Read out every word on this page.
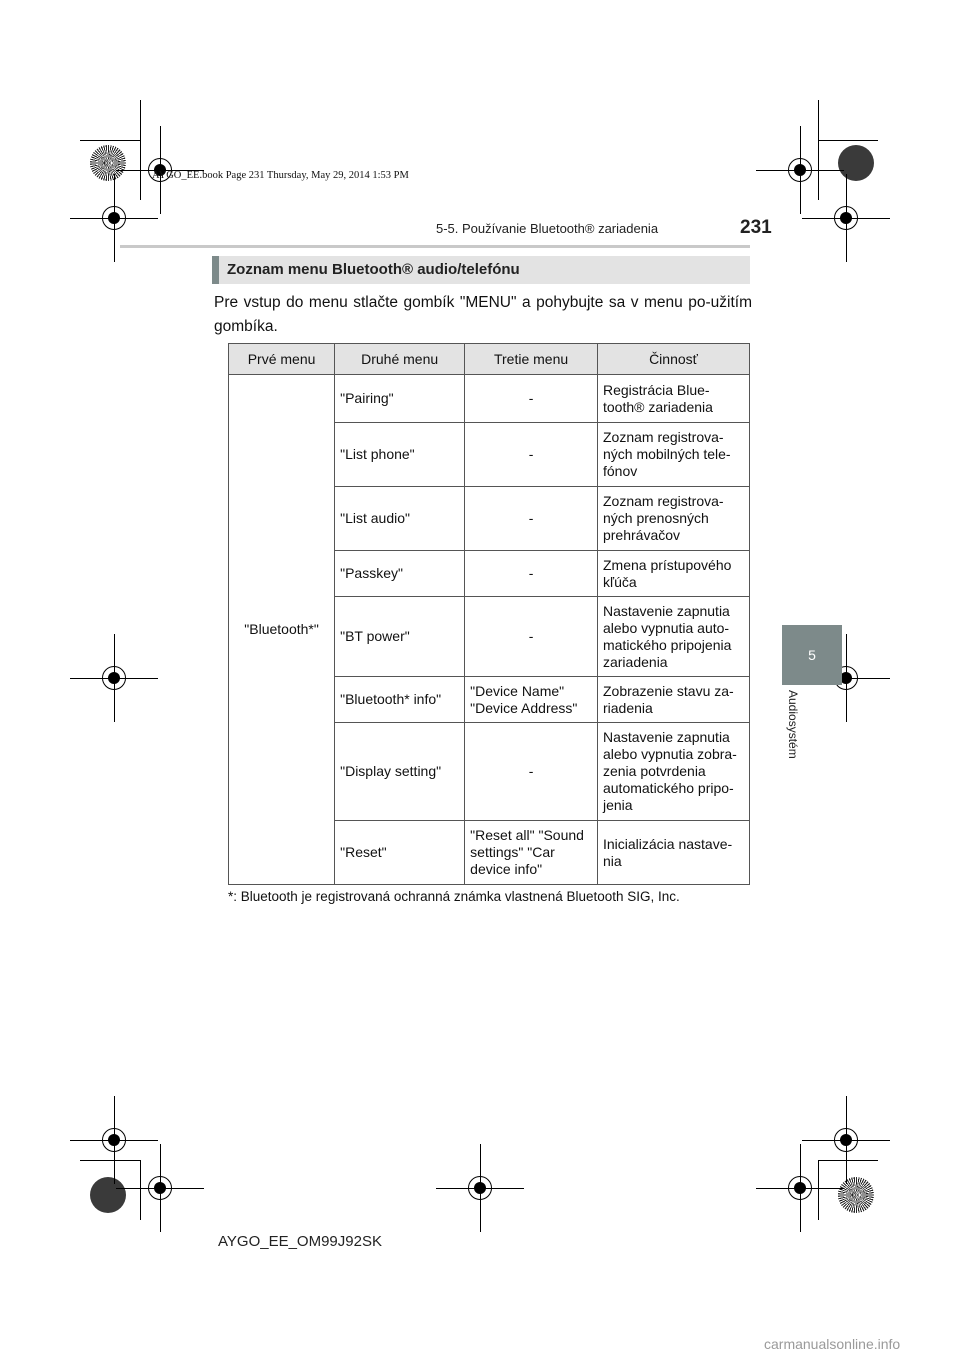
AYGO_EE.book Page 231 Thursday, May 29, 2014 1:53 PM
5-5. Používanie Bluetooth® zariadenia	231
5
Audiosystém
Zoznam menu Bluetooth® audio/telefónu
Pre vstup do menu stlačte gombík "MENU" a pohybujte sa v menu po-užitím gombíka.
Prvé menu	Druhé menu	Tretie menu	Činnosť
"Bluetooth*"	"Pairing"	-	Registrácia Blue-tooth® zariadenia
	"List phone"	-	Zoznam registrova-ných mobilných tele-fónov
	"List audio"	-	Zoznam registrova-ných prenosných prehrávačov
	"Passkey"	-	Zmena prístupového kľúča
	"BT power"	-	Nastavenie zapnutia alebo vypnutia auto-matického pripojenia zariadenia
	"Bluetooth* info"	"Device Name" "Device Address"	Zobrazenie stavu za-riadenia
	"Display setting"	-	Nastavenie zapnutia alebo vypnutia zobra-zenia potvrdenia automatického pripo-jenia
	"Reset"	"Reset all" "Sound settings" "Car device info"	Inicializácia nastave-nia
*: Bluetooth je registrovaná ochranná známka vlastnená Bluetooth SIG, Inc.
AYGO_EE_OM99J92SK
carmanualsonline.info
